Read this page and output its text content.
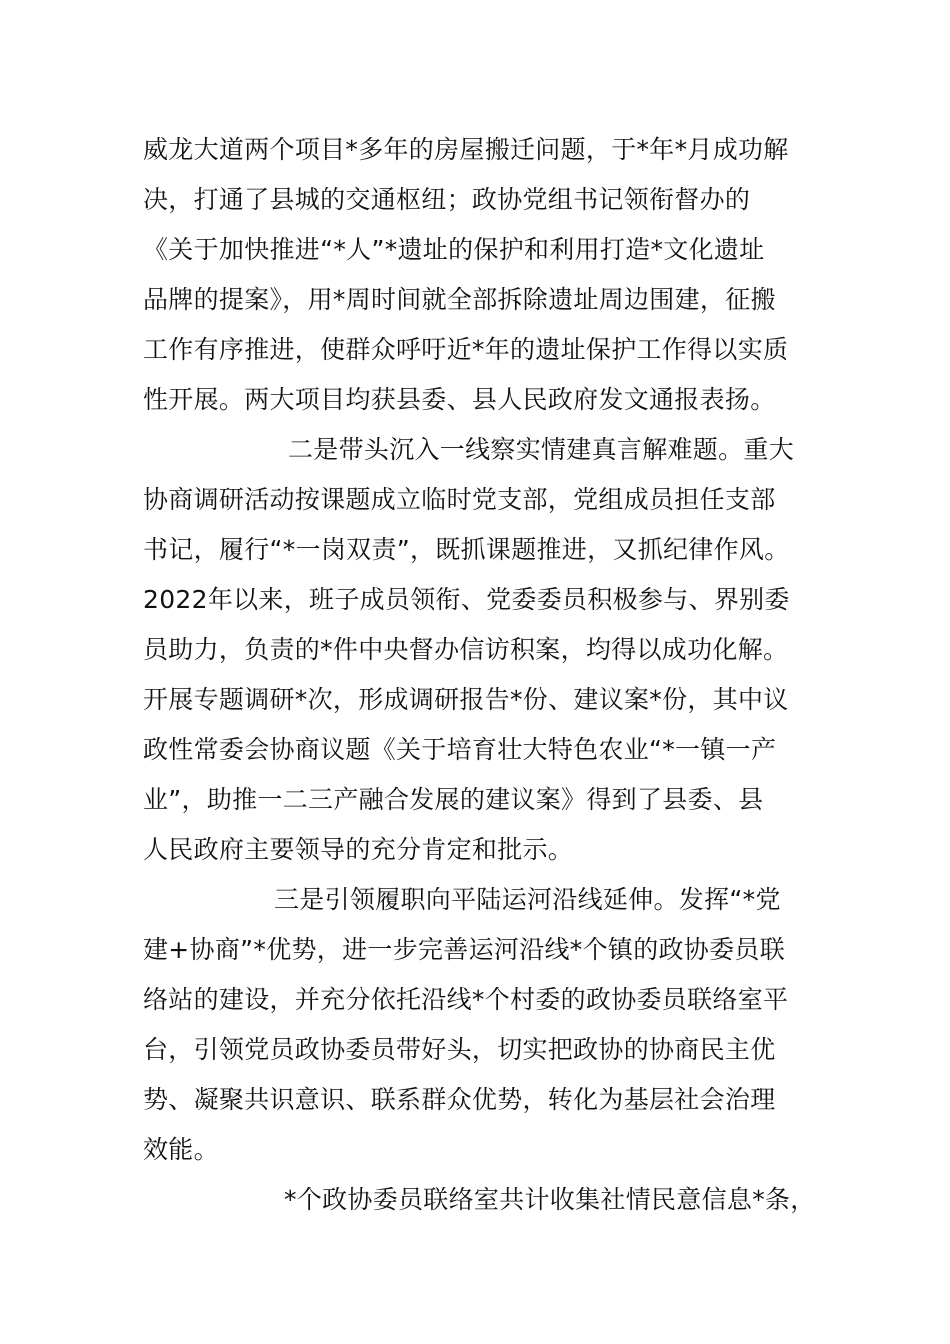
威龙大道两个项目*多年的房屋搬迁问题，于*年*月成功解
决，打通了县城的交通枢纽；政协党组书记领衔督办的
《关于加快推进“*人”*遗址的保护和利用打造*文化遗址
品牌的提案》，用*周时间就全部拆除遗址周边围建，征搬
工作有序推进，使群众呼吁近*年的遗址保护工作得以实质
性开展。两大项目均获县委、县人民政府发文通报表扬。
二是带头沉入一线察实情建真言解难题。重大
协商调研活动按课题成立临时党支部，党组成员担任支部
书记，履行“*一岗双责”，既抓课题推进，又抓纪律作风。
2022年以来，班子成员领衔、党委委员积极参与、界别委
员助力，负责的*件中央督办信访积案，均得以成功化解。
开展专题调研*次，形成调研报告*份、建议案*份，其中议
政性常委会协商议题《关于培育壮大特色农业“*一镇一产
业”，助推一二三产融合发展的建议案》得到了县委、县
人民政府主要领导的充分肯定和批示。
三是引领履职向平陆运河沿线延伸。发挥“*党
建+协商”*优势，进一步完善运河沿线*个镇的政协委员联
络站的建设，并充分依托沿线*个村委的政协委员联络室平
台，引领党员政协委员带好头，切实把政协的协商民主优
势、凝聚共识意识、联系群众优势，转化为基层社会治理
效能。
*个政协委员联络室共计收集社情民意信息*条，
